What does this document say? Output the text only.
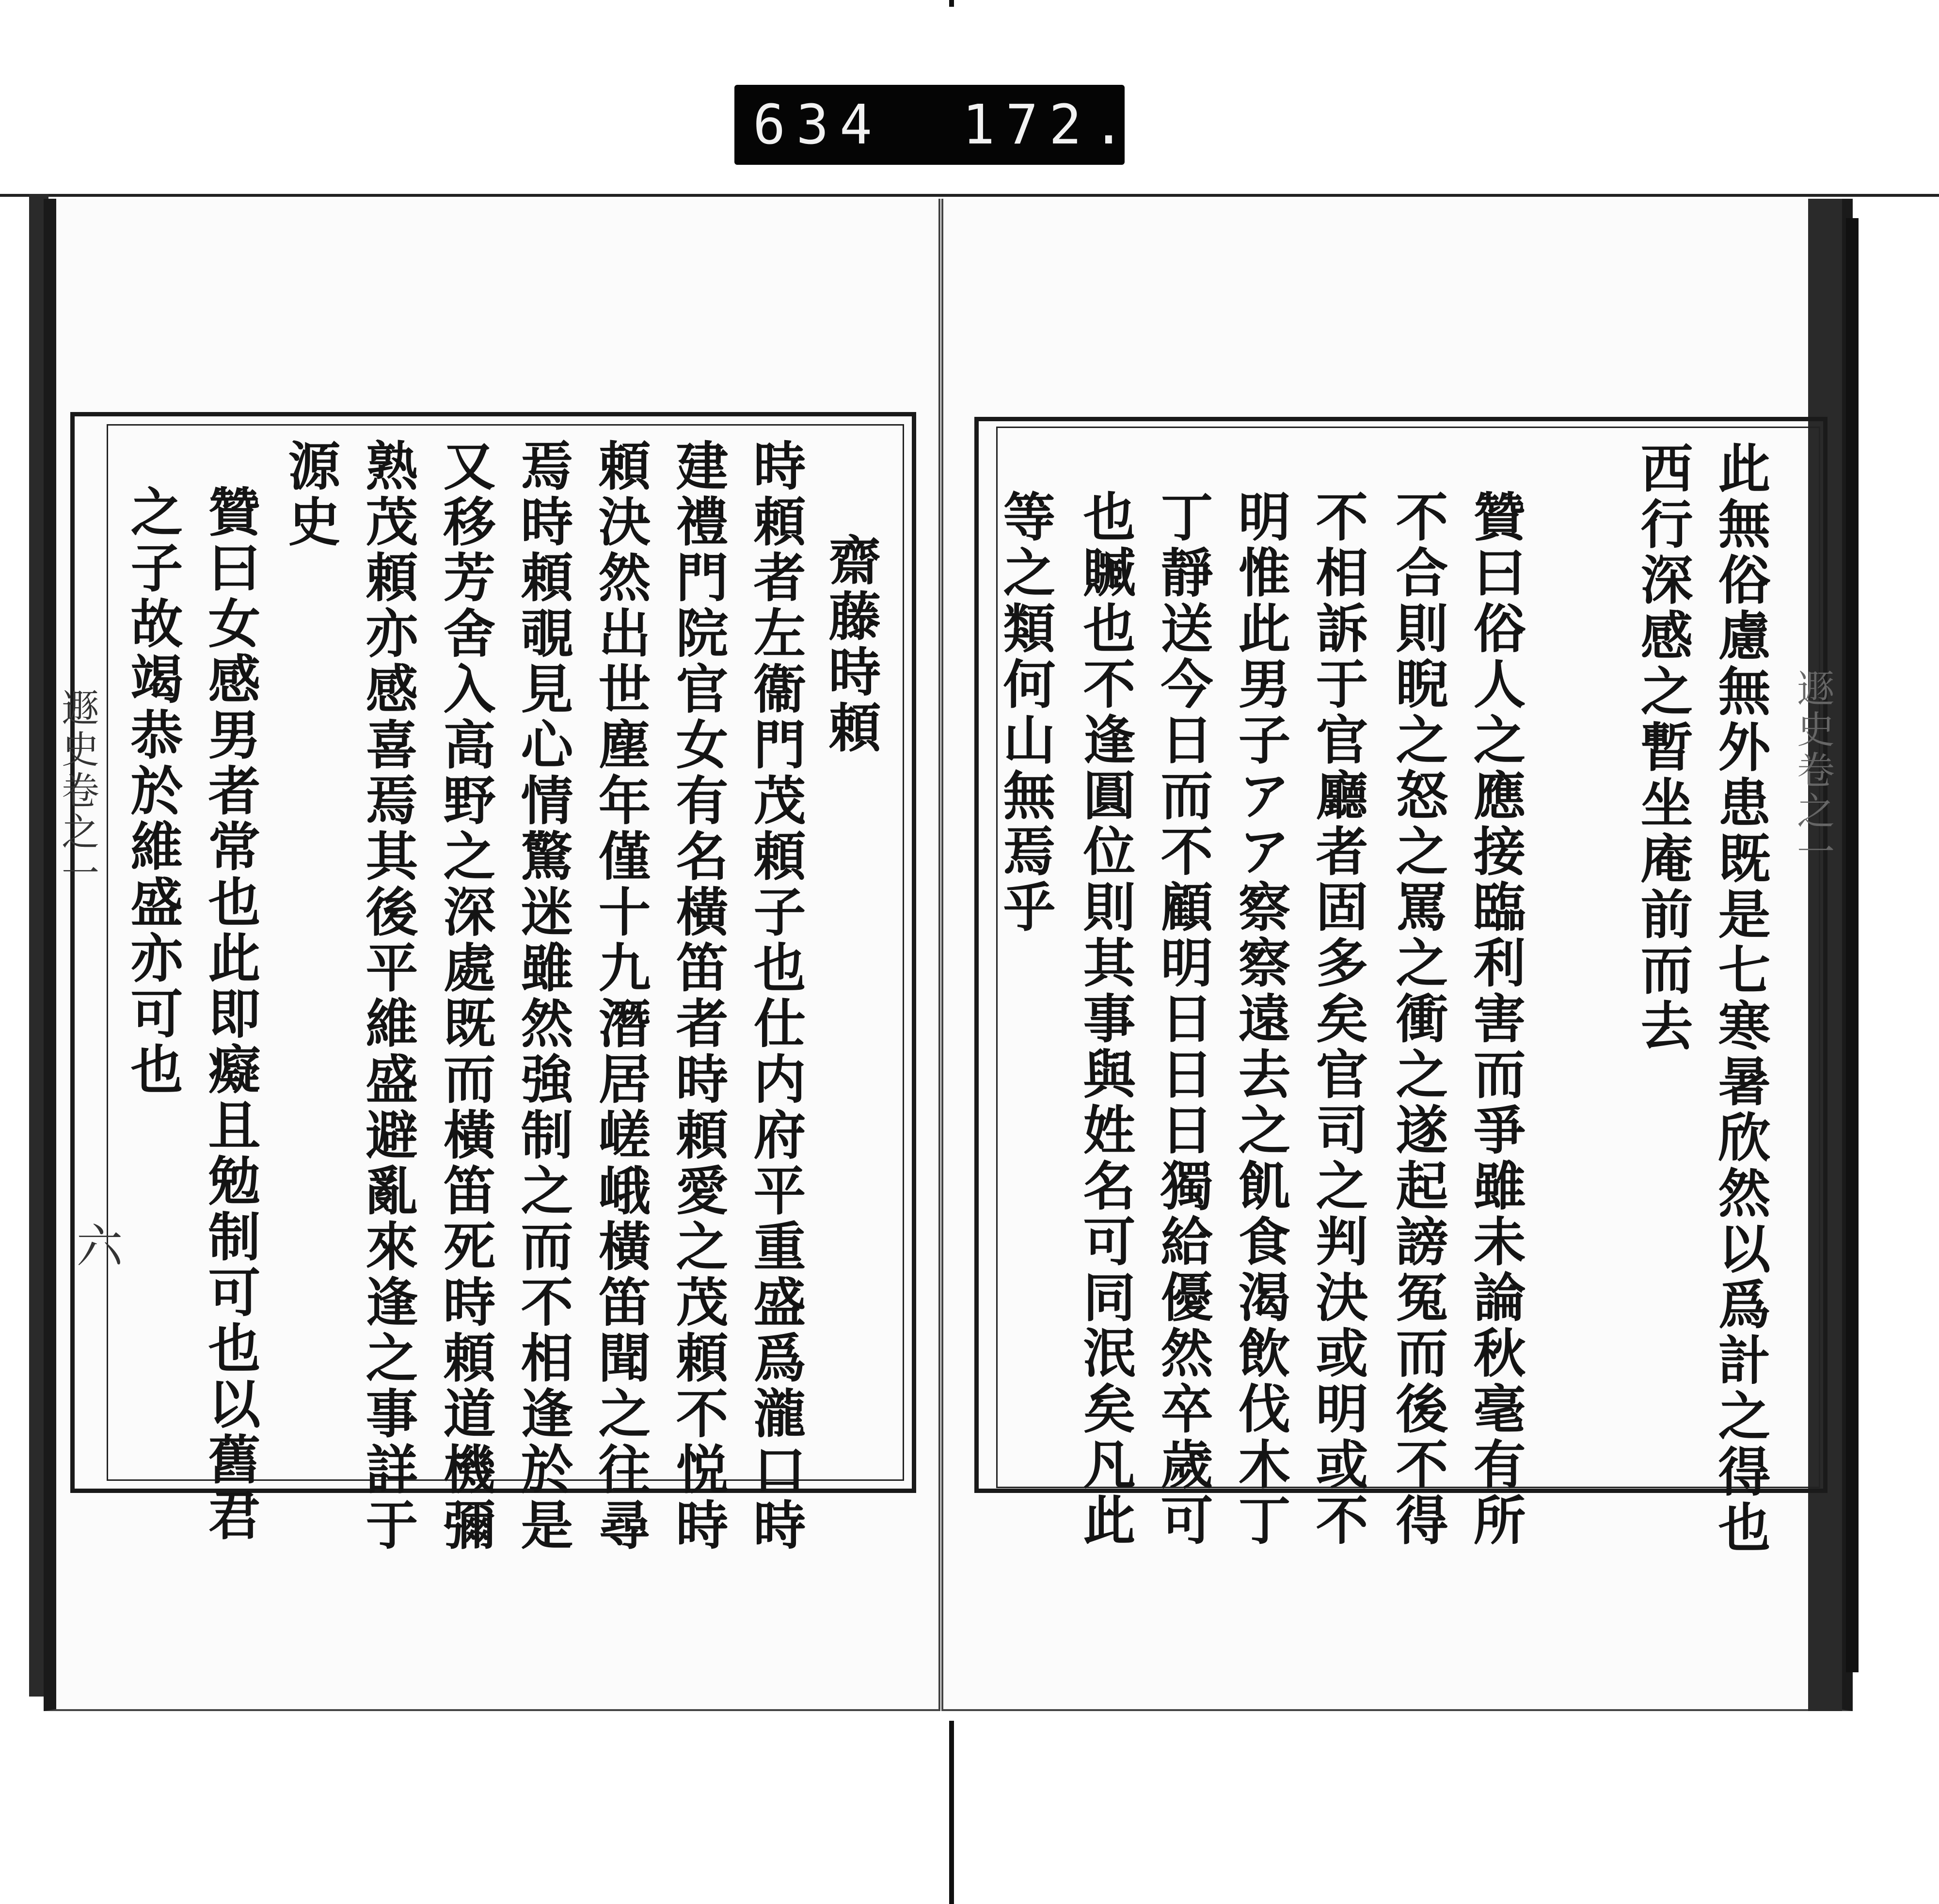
634 172.
遯史卷之一
此無俗慮無外患既是七寒暑欣然以爲計之得也
西行深感之暫坐庵前而去
贊曰俗人之應接臨利害而爭雖未論秋毫有所
不合則睨之怒之罵之衝之遂起謗冤而後不得
不相訴于官廳者固多矣官司之判決或明或不
明惟此男子アア察察遠去之飢食渴飲伐木丁
丁靜送今日而不顧明日日日獨給優然卒歲可
也贓也不逢圓位則其事與姓名可同泯矣凡此
等之類何山無焉乎
齋藤時頼
時頼者左衞門茂頼子也仕内府平重盛爲瀧口時
建禮門院官女有名橫笛者時頼愛之茂頼不悦時
頼決然出世塵年僅十九潛居嵯峨橫笛聞之往尋
焉時頼覗見心情驚迷雖然強制之而不相逢於是
又移芳舍入高野之深處既而橫笛死時頼道機彌
熟茂頼亦感喜焉其後平維盛避亂來逢之事詳于
源史
贊曰女感男者常也此即癡且勉制可也以舊君
之子故竭恭於維盛亦可也
遯史卷之一
六
